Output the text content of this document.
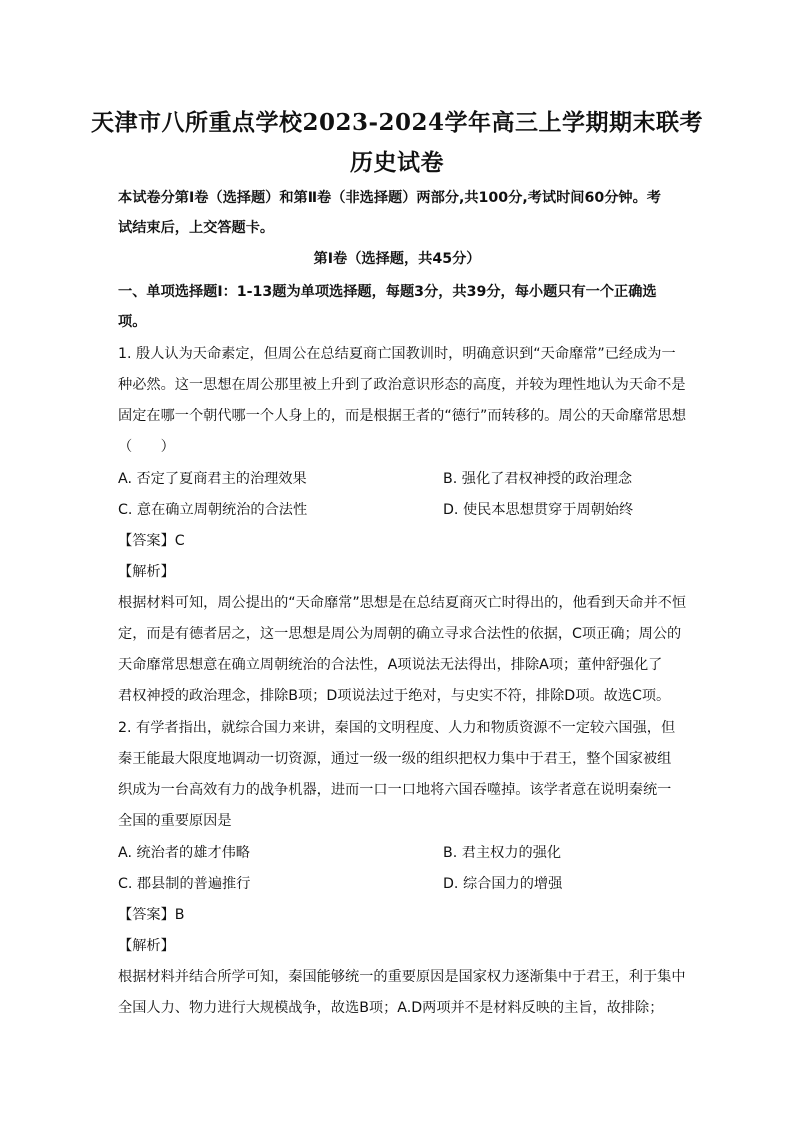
天津市八所重点学校2023-2024学年高三上学期期末联考
历史试卷
本试卷分第Ⅰ卷（选择题）和第Ⅱ卷（非选择题）两部分,共100分,考试时间60分钟。考
试结束后，上交答题卡。
第Ⅰ卷（选择题，共45分）
一、单项选择题Ⅰ：1-13题为单项选择题，每题3分，共39分，每小题只有一个正确选
项。
1. 殷人认为天命素定，但周公在总结夏商亡国教训时，明确意识到“天命靡常”已经成为一
种必然。这一思想在周公那里被上升到了政治意识形态的高度，并较为理性地认为天命不是
固定在哪一个朝代哪一个人身上的，而是根据王者的“德行”而转移的。周公的天命靡常思想
（　　）
A. 否定了夏商君主的治理效果	B. 强化了君权神授的政治理念
C. 意在确立周朝统治的合法性	D. 使民本思想贯穿于周朝始终
【答案】C
【解析】
根据材料可知，周公提出的“天命靡常”思想是在总结夏商灭亡时得出的，他看到天命并不恒
定，而是有德者居之，这一思想是周公为周朝的确立寻求合法性的依据，C项正确；周公的
天命靡常思想意在确立周朝统治的合法性，A项说法无法得出，排除A项；董仲舒强化了
君权神授的政治理念，排除B项；D项说法过于绝对，与史实不符，排除D项。故选C项。
2. 有学者指出，就综合国力来讲，秦国的文明程度、人力和物质资源不一定较六国强，但
秦王能最大限度地调动一切资源，通过一级一级的组织把权力集中于君王，整个国家被组
织成为一台高效有力的战争机器，进而一口一口地将六国吞噬掉。该学者意在说明秦统一
全国的重要原因是
A. 统治者的雄才伟略	B. 君主权力的强化
C. 郡县制的普遍推行	D. 综合国力的增强
【答案】B
【解析】
根据材料并结合所学可知，秦国能够统一的重要原因是国家权力逐渐集中于君王，利于集中
全国人力、物力进行大规模战争，故选B项；A.D两项并不是材料反映的主旨，故排除；
